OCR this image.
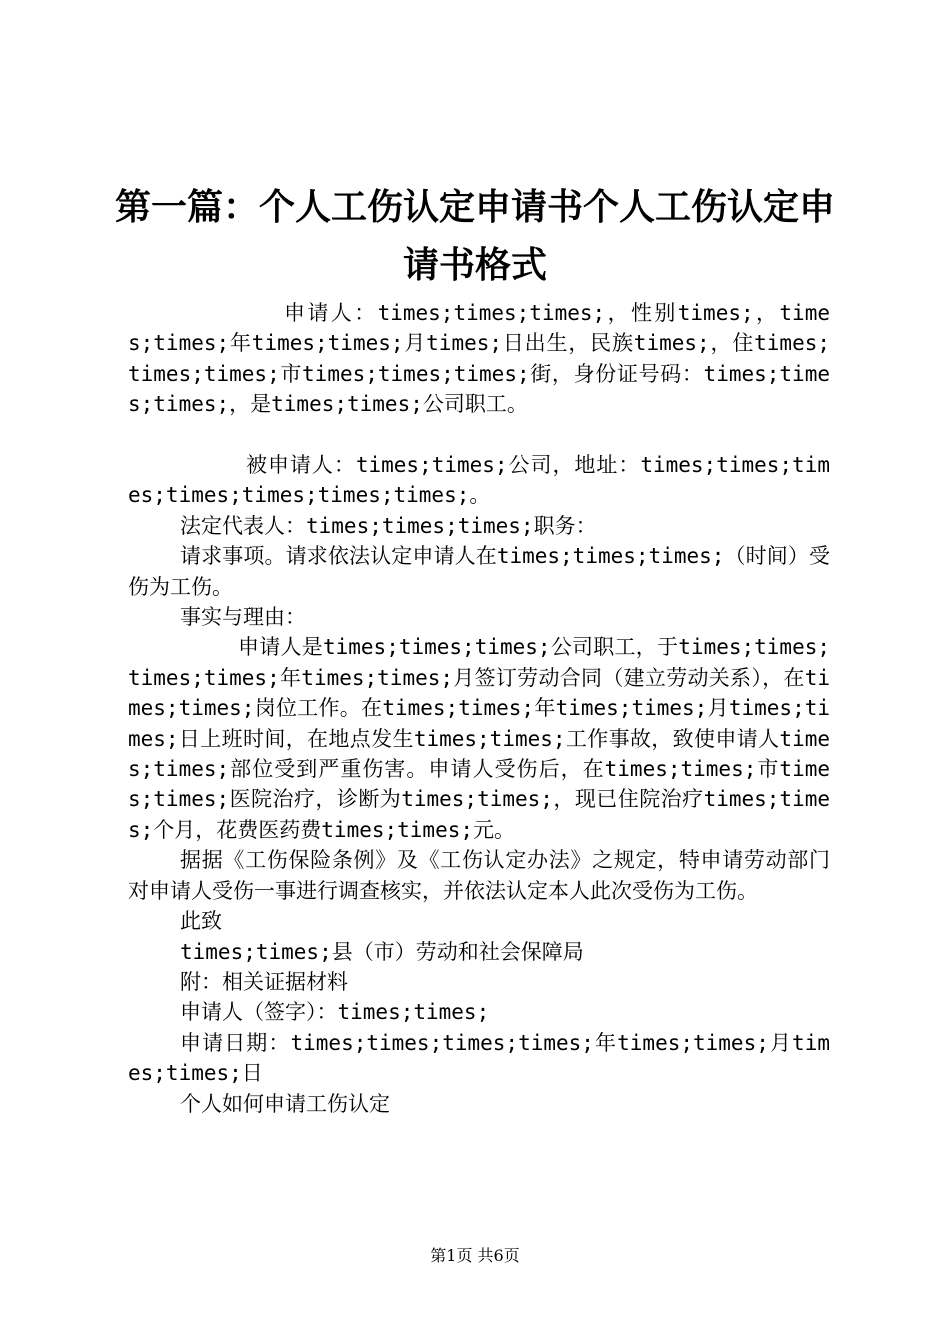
第一篇：个人工伤认定申请书个人工伤认定申请书格式

申请人：times;times;times;，性别times;，times;times;年times;times;月times;日出生，民族times;，住times;times;times;市times;times;times;街，身份证号码：times;times;times;，是times;times;公司职工。

被申请人：times;times;公司，地址：times;times;times;times;times;times;times;。

法定代表人：times;times;times;职务：

请求事项。请求依法认定申请人在times;times;times;（时间）受伤为工伤。

事实与理由：

申请人是times;times;times;公司职工，于times;times;times;times;年times;times;月签订劳动合同（建立劳动关系），在times;times;岗位工作。在times;times;年times;times;月times;times;日上班时间，在地点发生times;times;工作事故，致使申请人times;times;部位受到严重伤害。申请人受伤后，在times;times;市times;times;医院治疗，诊断为times;times;，现已住院治疗times;times;个月，花费医药费times;times;元。

据据《工伤保险条例》及《工伤认定办法》之规定，特申请劳动部门对申请人受伤一事进行调查核实，并依法认定本人此次受伤为工伤。

此致

times;times;县（市）劳动和社会保障局

附：相关证据材料

申请人（签字）：times;times;

申请日期：times;times;times;times;年times;times;月times;times;日

个人如何申请工伤认定

第1页 共6页
